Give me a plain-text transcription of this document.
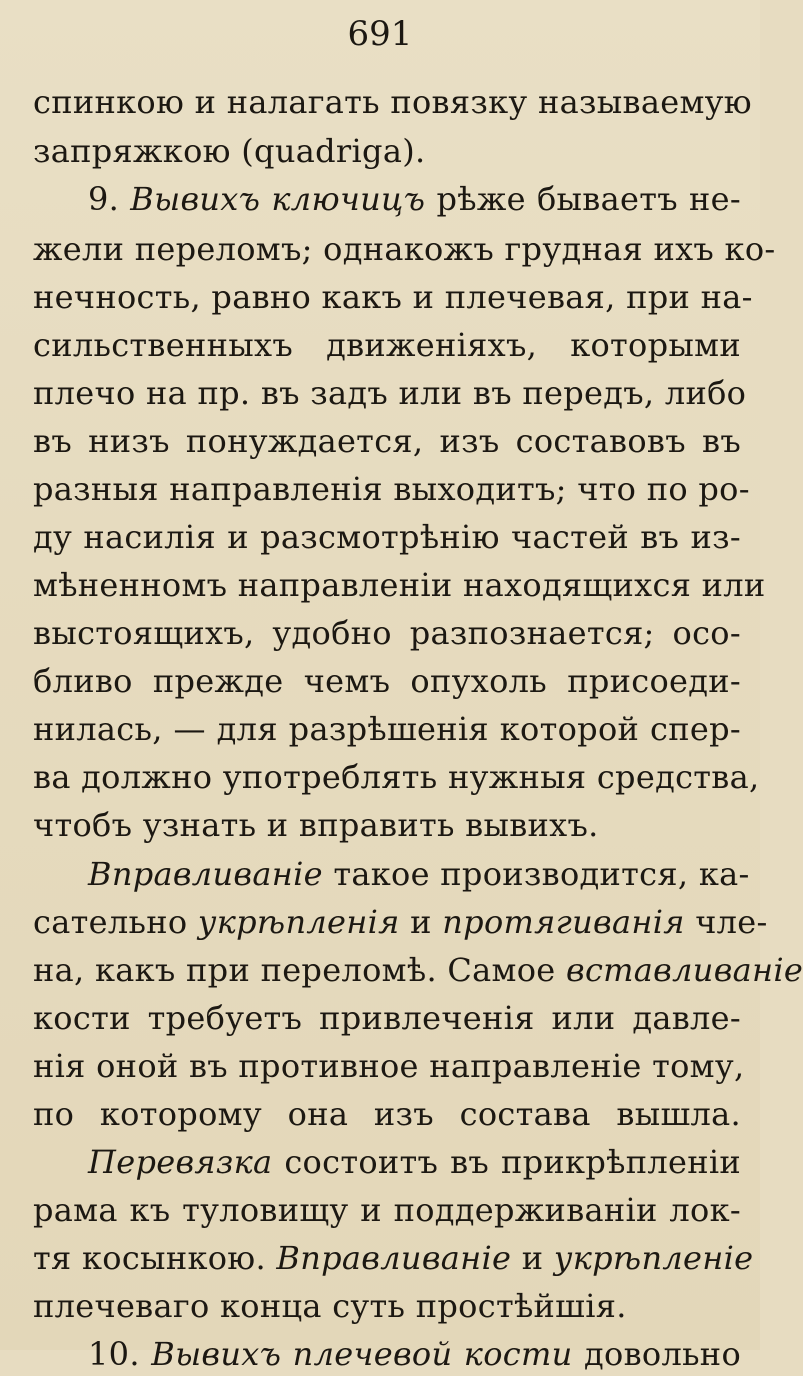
691
спинкою и налагать повязку называемую
запряжкою (quadriga).
9. Вывихъ ключицъ рѣже бываетъ не-
жели переломъ; однакожъ грудная ихъ ко-
нечность, равно какъ и плечевая, при на-
сильственныхъ движеніяхъ, которыми
плечо на пр. въ задъ или въ передъ, либо
въ низъ понуждается, изъ составовъ въ
разныя направленія выходитъ; что по ро-
ду насилія и разсмотрѣнію частей въ из-
мѣненномъ направленіи находящихся или
выстоящихъ, удобно разпознается; осо-
бливо прежде чемъ опухоль присоеди-
нилась, — для разрѣшенія которой спер-
ва должно употреблять нужныя средства,
чтобъ узнать и вправить вывихъ.
Вправливаніе такое производится, ка-
сательно укрѣпленія и протягиванія чле-
на, какъ при переломѣ. Самое вставливаніе
кости требуетъ привлеченія или давле-
нія оной въ противное направленіе тому,
по которому она изъ состава вышла.
Перевязка состоитъ въ прикрѣпленіи
рама къ туловищу и поддерживаніи лок-
тя косынкою. Вправливаніе и укрѣпленіе
плечеваго конца суть простѣйшія.
10. Вывихъ плечевой кости довольно
